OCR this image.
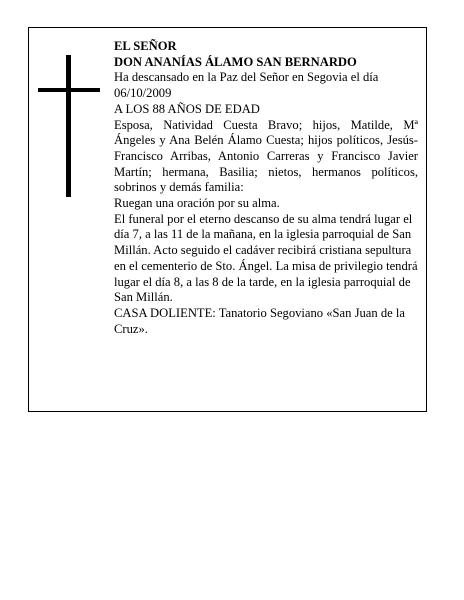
EL SEÑOR

DON ANANÍAS ÁLAMO SAN BERNARDO

Ha descansado en la Paz del Señor en Segovia el día 06/10/2009

A LOS 88 AÑOS DE EDAD

Esposa, Natividad Cuesta Bravo; hijos, Matilde, Mª Ángeles y Ana Belén Álamo Cuesta; hijos políticos, Jesús-Francisco Arribas, Antonio Carreras y Francisco Javier Martín; hermana, Basilia; nietos, hermanos políticos, sobrinos y demás familia:

Ruegan una oración por su alma.

El funeral por el eterno descanso de su alma tendrá lugar el día 7, a las 11 de la mañana, en la iglesia parroquial de San Millán. Acto seguido el cadáver recibirá cristiana sepultura en el cementerio de Sto. Ángel. La misa de privilegio tendrá lugar el día 8, a las 8 de la tarde, en la iglesia parroquial de San Millán.

CASA DOLIENTE: Tanatorio Segoviano «San Juan de la Cruz».
